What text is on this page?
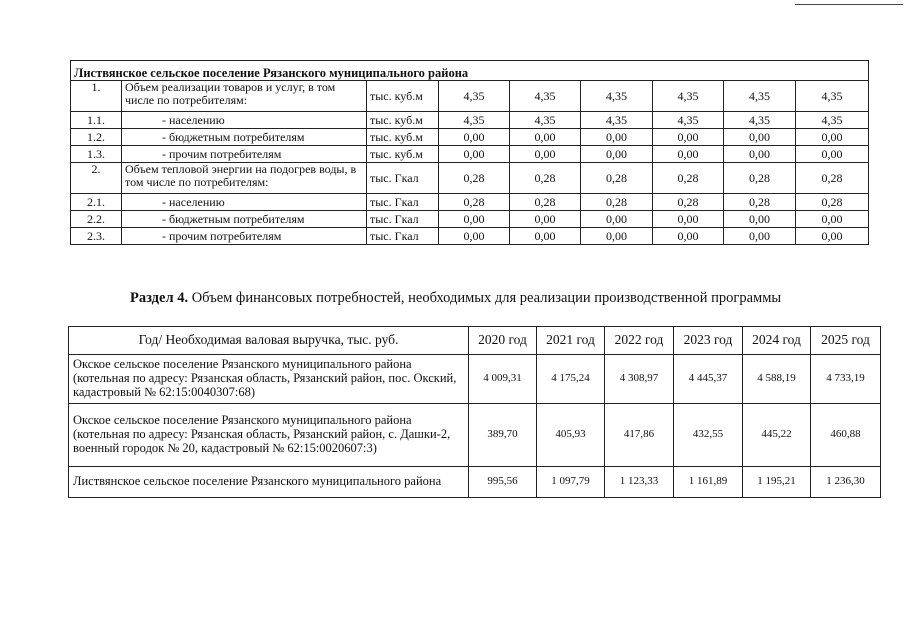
Листвянское сельское поселение Рязанского муниципального района								
1.	Объем реализации товаров и услуг, в том числе по потребителям:	тыс. куб.м	4,35	4,35	4,35	4,35	4,35	4,35
1.1.	- населению	тыс. куб.м	4,35	4,35	4,35	4,35	4,35	4,35
1.2.	- бюджетным потребителям	тыс. куб.м	0,00	0,00	0,00	0,00	0,00	0,00
1.3.	- прочим потребителям	тыс. куб.м	0,00	0,00	0,00	0,00	0,00	0,00
2.	Объем тепловой энергии на подогрев воды, в том числе по потребителям:	тыс. Гкал	0,28	0,28	0,28	0,28	0,28	0,28
2.1.	- населению	тыс. Гкал	0,28	0,28	0,28	0,28	0,28	0,28
2.2.	- бюджетным потребителям	тыс. Гкал	0,00	0,00	0,00	0,00	0,00	0,00
2.3.	- прочим потребителям	тыс. Гкал	0,00	0,00	0,00	0,00	0,00	0,00
Раздел 4. Объем финансовых потребностей, необходимых для реализации производственной программы
Год/ Необходимая валовая выручка, тыс. руб.	2020 год	2021 год	2022 год	2023 год	2024 год	2025 год
Окское сельское поселение Рязанского муниципального района (котельная по адресу: Рязанская область, Рязанский район, пос. Окский, кадастровый № 62:15:0040307:68)	4 009,31	4 175,24	4 308,97	4 445,37	4 588,19	4 733,19
Окское сельское поселение Рязанского муниципального района (котельная по адресу: Рязанская область, Рязанский район, с. Дашки-2, военный городок № 20, кадастровый № 62:15:0020607:3)	389,70	405,93	417,86	432,55	445,22	460,88
Листвянское сельское поселение Рязанского муниципального района	995,56	1 097,79	1 123,33	1 161,89	1 195,21	1 236,30
